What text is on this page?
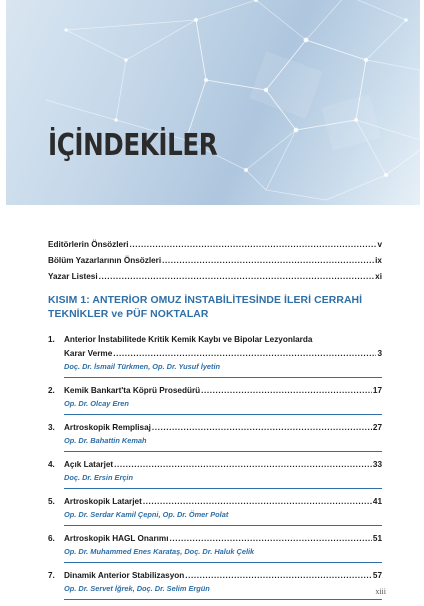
İÇİNDEKİLER
Editörlerin Önsözleri .....	v
Bölüm Yazarlarının Önsözleri .....	ix
Yazar Listesi .....	xi
KISIM 1: ANTERİOR OMUZ İNSTABİLİTESİNDE İLERİ CERRAHİ TEKNİKLER ve PÜF NOKTALAR
1. Anterior İnstabilitede Kritik Kemik Kaybı ve Bipolar Lezyonlarda
Karar Verme .....	3
Doç. Dr. İsmail Türkmen, Op. Dr. Yusuf İyetin
2. Kemik Bankart'ta Köprü Prosedürü .....	17
Op. Dr. Olcay Eren
3. Artroskopik Remplisaj .....	27
Op. Dr. Bahattin Kemah
4. Açık Latarjet .....	33
Doç. Dr. Ersin Erçin
5. Artroskopik Latarjet .....	41
Op. Dr. Serdar Kamil Çepni, Op. Dr. Ömer Polat
6. Artroskopik HAGL Onarımı .....	51
Op. Dr. Muhammed Enes Karataş, Doç. Dr. Haluk Çelik
7. Dinamik Anterior Stabilizasyon .....	57
Op. Dr. Servet İğrek, Doç. Dr. Selim Ergün	xiii
